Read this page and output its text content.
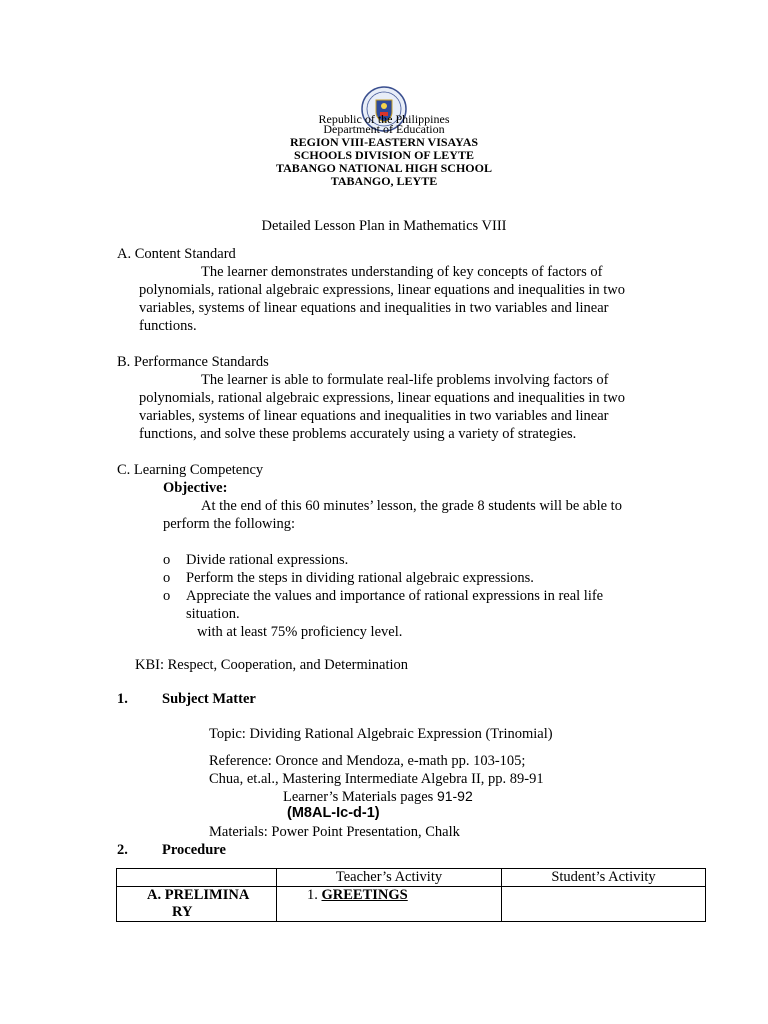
Republic of the Philippines
Department of Education
REGION VIII-EASTERN VISAYAS
SCHOOLS DIVISION OF LEYTE
TABANGO NATIONAL HIGH SCHOOL
TABANGO, LEYTE
Detailed Lesson Plan in Mathematics VIII
A. Content Standard
The learner demonstrates understanding of key concepts of factors of
polynomials, rational algebraic expressions, linear equations and inequalities in two
variables, systems of linear equations and inequalities in two variables and linear
functions.
B. Performance Standards
The learner is able to formulate real-life problems involving factors of
polynomials, rational algebraic expressions, linear equations and inequalities in two
variables, systems of linear equations and inequalities in two variables and linear
functions, and solve these problems accurately using a variety of strategies.
C. Learning Competency
Objective:
At the end of this 60 minutes’ lesson, the grade 8 students will be able to
perform the following:
o Divide rational expressions.
o Perform the steps in dividing rational algebraic expressions.
o Appreciate the values and importance of rational expressions in real life
situation.
with at least 75% proficiency level.
KBI: Respect, Cooperation, and Determination
1. Subject Matter
Topic: Dividing Rational Algebraic Expression (Trinomial)
Reference: Oronce and Mendoza, e-math pp. 103-105;
Chua, et.al., Mastering Intermediate Algebra II, pp. 89-91
Learner’s Materials pages 91-92
(M8AL-Ic-d-1)
Materials: Power Point Presentation, Chalk
2. Procedure
	Teacher’s Activity	Student’s Activity

A. PRELIMINA
RY	1. GREETINGS	
